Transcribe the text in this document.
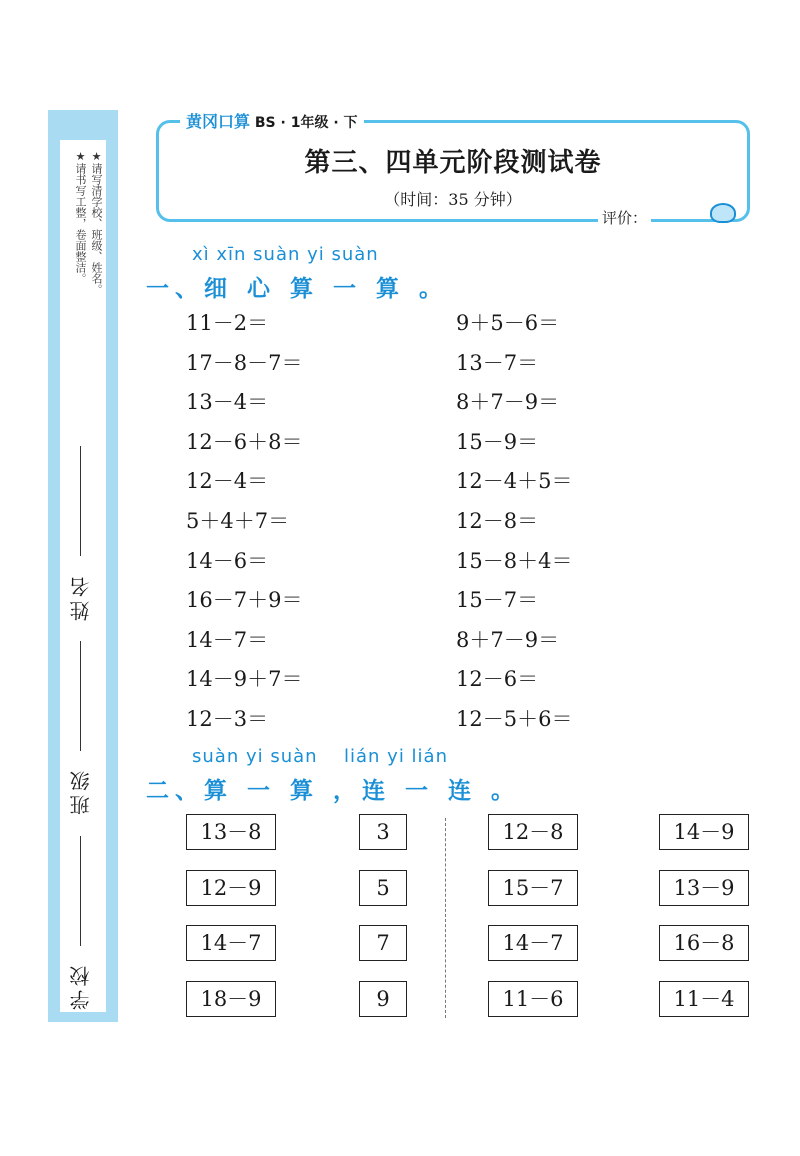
★请写清学校、班级、姓名。
★请书写工整，卷面整洁。
学校  班级  姓名
黄冈口算 BS · 1年级 · 下
第三、四单元阶段测试卷
（时间：35 分钟）
评价：
xì xīn suàn yi suàn
一、细 心 算 一 算 。
11－2＝
17－8－7＝
13－4＝
12－6＋8＝
12－4＝
5＋4＋7＝
14－6＝
16－7＋9＝
14－7＝
14－9＋7＝
12－3＝
9＋5－6＝
13－7＝
8＋7－9＝
15－9＝
12－4＋5＝
12－8＝
15－8＋4＝
15－7＝
8＋7－9＝
12－6＝
12－5＋6＝
suàn yi suàn lián yi lián
二、算 一 算 ，连 一 连 。
13－8
12－9
14－7
18－9
3
5
7
9
12－8
15－7
14－7
11－6
14－9
13－9
16－8
11－4
